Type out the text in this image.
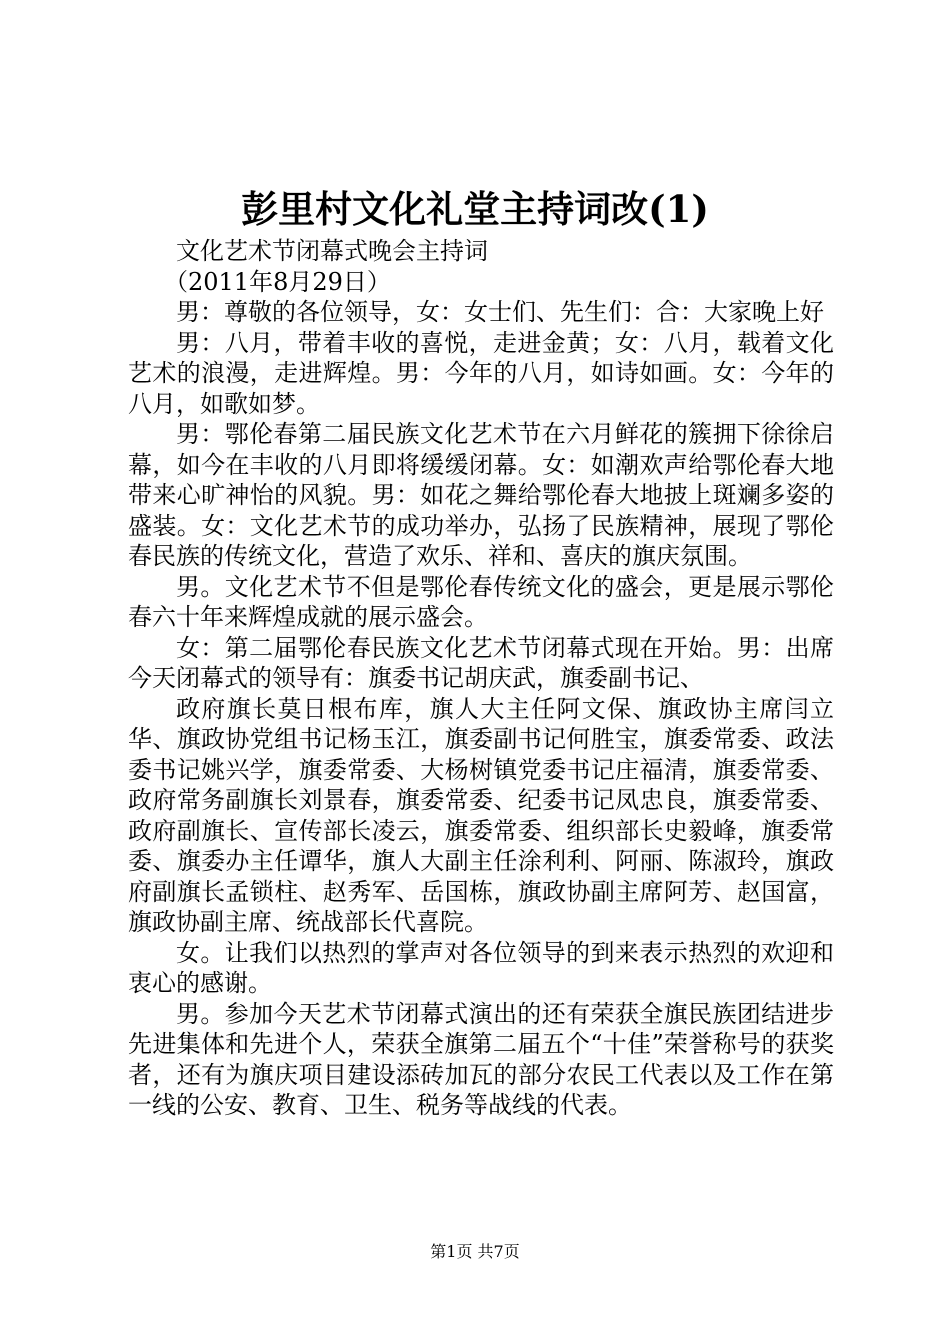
彭里村文化礼堂主持词改(1)

文化艺术节闭幕式晚会主持词

（2011年8月29日）

男：尊敬的各位领导，女：女士们、先生们：合：大家晚上好

男：八月，带着丰收的喜悦，走进金黄；女：八月，载着文化艺术的浪漫，走进辉煌。男：今年的八月，如诗如画。女：今年的八月，如歌如梦。

男：鄂伦春第二届民族文化艺术节在六月鲜花的簇拥下徐徐启幕，如今在丰收的八月即将缓缓闭幕。女：如潮欢声给鄂伦春大地带来心旷神怡的风貌。男：如花之舞给鄂伦春大地披上斑斓多姿的盛装。女：文化艺术节的成功举办，弘扬了民族精神，展现了鄂伦春民族的传统文化，营造了欢乐、祥和、喜庆的旗庆氛围。

男。文化艺术节不但是鄂伦春传统文化的盛会，更是展示鄂伦春六十年来辉煌成就的展示盛会。

女：第二届鄂伦春民族文化艺术节闭幕式现在开始。男：出席今天闭幕式的领导有：旗委书记胡庆武，旗委副书记、

政府旗长莫日根布库，旗人大主任阿文保、旗政协主席闫立华、旗政协党组书记杨玉江，旗委副书记何胜宝，旗委常委、政法委书记姚兴学，旗委常委、大杨树镇党委书记庄福清，旗委常委、政府常务副旗长刘景春，旗委常委、纪委书记凤忠良，旗委常委、政府副旗长、宣传部长凌云，旗委常委、组织部长史毅峰，旗委常委、旗委办主任谭华，旗人大副主任涂利利、阿丽、陈淑玲，旗政府副旗长孟锁柱、赵秀军、岳国栋，旗政协副主席阿芳、赵国富，旗政协副主席、统战部长代喜院。

女。让我们以热烈的掌声对各位领导的到来表示热烈的欢迎和衷心的感谢。

男。参加今天艺术节闭幕式演出的还有荣获全旗民族团结进步先进集体和先进个人，荣获全旗第二届五个“十佳”荣誉称号的获奖者，还有为旗庆项目建设添砖加瓦的部分农民工代表以及工作在第一线的公安、教育、卫生、税务等战线的代表。

第1页 共7页
